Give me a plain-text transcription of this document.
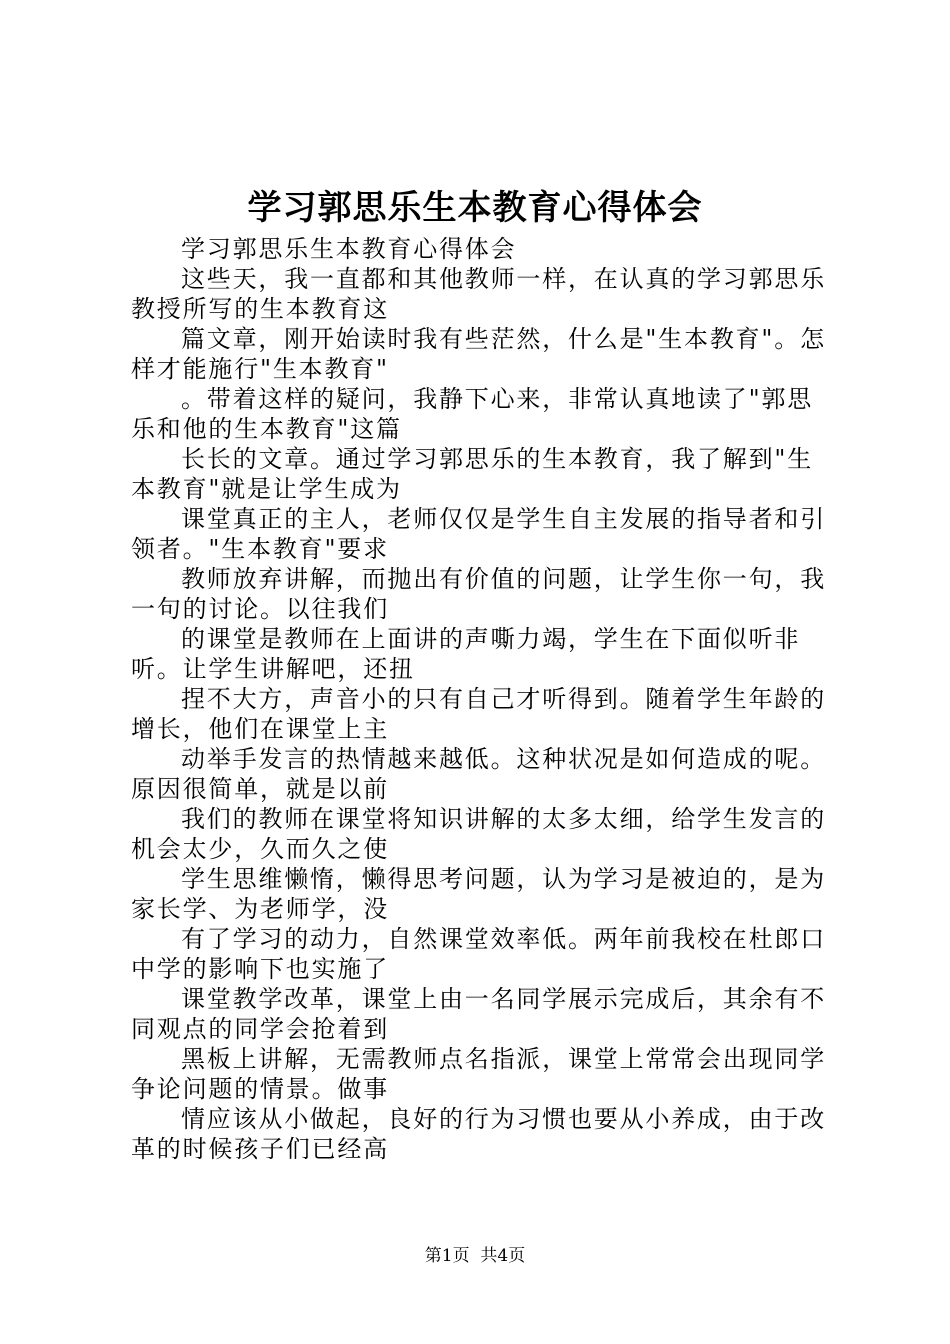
学习郭思乐生本教育心得体会

学习郭思乐生本教育心得体会

这些天，我一直都和其他教师一样，在认真的学习郭思乐教授所写的生本教育这

篇文章，刚开始读时我有些茫然，什么是"生本教育"。怎样才能施行"生本教育"

。带着这样的疑问，我静下心来，非常认真地读了"郭思乐和他的生本教育"这篇

长长的文章。通过学习郭思乐的生本教育，我了解到"生本教育"就是让学生成为

课堂真正的主人，老师仅仅是学生自主发展的指导者和引领者。"生本教育"要求

教师放弃讲解，而抛出有价值的问题，让学生你一句，我一句的讨论。以往我们

的课堂是教师在上面讲的声嘶力竭，学生在下面似听非听。让学生讲解吧，还扭

捏不大方，声音小的只有自己才听得到。随着学生年龄的增长，他们在课堂上主

动举手发言的热情越来越低。这种状况是如何造成的呢。原因很简单，就是以前

我们的教师在课堂将知识讲解的太多太细，给学生发言的机会太少，久而久之使

学生思维懒惰，懒得思考问题，认为学习是被迫的，是为家长学、为老师学，没

有了学习的动力，自然课堂效率低。两年前我校在杜郎口中学的影响下也实施了

课堂教学改革，课堂上由一名同学展示完成后，其余有不同观点的同学会抢着到

黑板上讲解，无需教师点名指派，课堂上常常会出现同学争论问题的情景。做事

情应该从小做起，良好的行为习惯也要从小养成，由于改革的时候孩子们已经高

第1页 共4页
